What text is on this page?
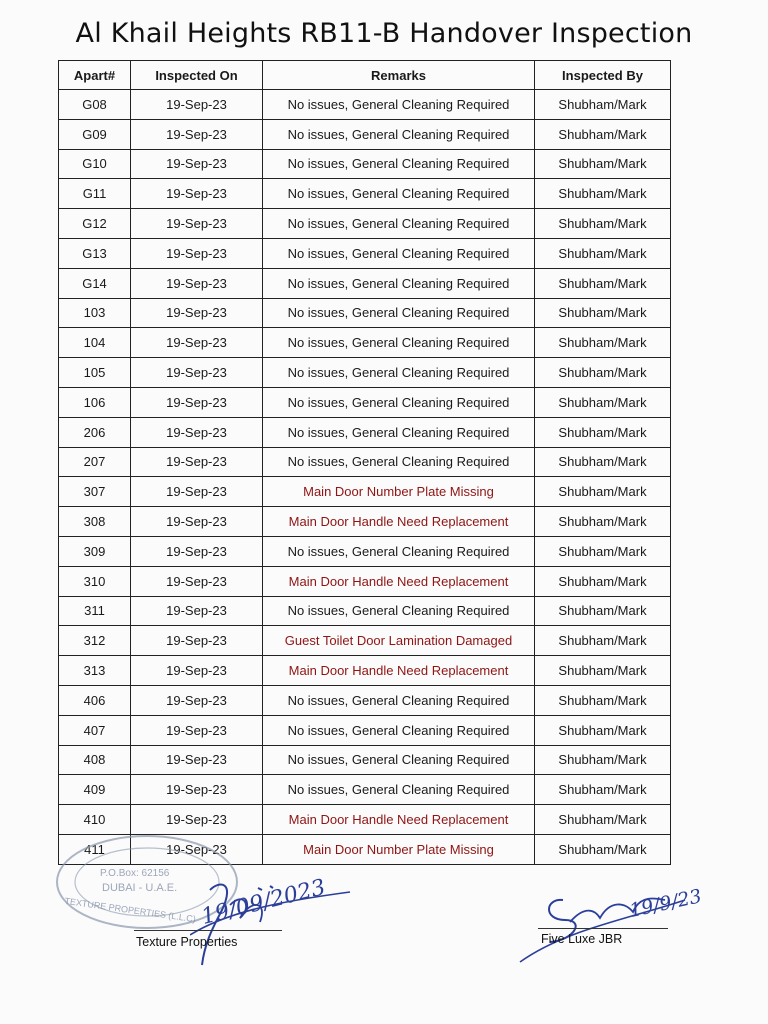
Al Khail Heights RB11-B Handover Inspection
Apart#	Inspected On	Remarks	Inspected By
G08	19-Sep-23	No issues, General Cleaning Required	Shubham/Mark
G09	19-Sep-23	No issues, General Cleaning Required	Shubham/Mark
G10	19-Sep-23	No issues, General Cleaning Required	Shubham/Mark
G11	19-Sep-23	No issues, General Cleaning Required	Shubham/Mark
G12	19-Sep-23	No issues, General Cleaning Required	Shubham/Mark
G13	19-Sep-23	No issues, General Cleaning Required	Shubham/Mark
G14	19-Sep-23	No issues, General Cleaning Required	Shubham/Mark
103	19-Sep-23	No issues, General Cleaning Required	Shubham/Mark
104	19-Sep-23	No issues, General Cleaning Required	Shubham/Mark
105	19-Sep-23	No issues, General Cleaning Required	Shubham/Mark
106	19-Sep-23	No issues, General Cleaning Required	Shubham/Mark
206	19-Sep-23	No issues, General Cleaning Required	Shubham/Mark
207	19-Sep-23	No issues, General Cleaning Required	Shubham/Mark
307	19-Sep-23	Main Door Number Plate Missing	Shubham/Mark
308	19-Sep-23	Main Door Handle Need Replacement	Shubham/Mark
309	19-Sep-23	No issues, General Cleaning Required	Shubham/Mark
310	19-Sep-23	Main Door Handle Need Replacement	Shubham/Mark
311	19-Sep-23	No issues, General Cleaning Required	Shubham/Mark
312	19-Sep-23	Guest Toilet Door Lamination Damaged	Shubham/Mark
313	19-Sep-23	Main Door Handle Need Replacement	Shubham/Mark
406	19-Sep-23	No issues, General Cleaning Required	Shubham/Mark
407	19-Sep-23	No issues, General Cleaning Required	Shubham/Mark
408	19-Sep-23	No issues, General Cleaning Required	Shubham/Mark
409	19-Sep-23	No issues, General Cleaning Required	Shubham/Mark
410	19-Sep-23	Main Door Handle Need Replacement	Shubham/Mark
411	19-Sep-23	Main Door Number Plate Missing	Shubham/Mark
P.O.Box: 62156
DUBAI - U.A.E.
TEXTURE PROPERTIES (L.L.C)
Texture Properties
19/09/2023
Five Luxe JBR
19/9/23
